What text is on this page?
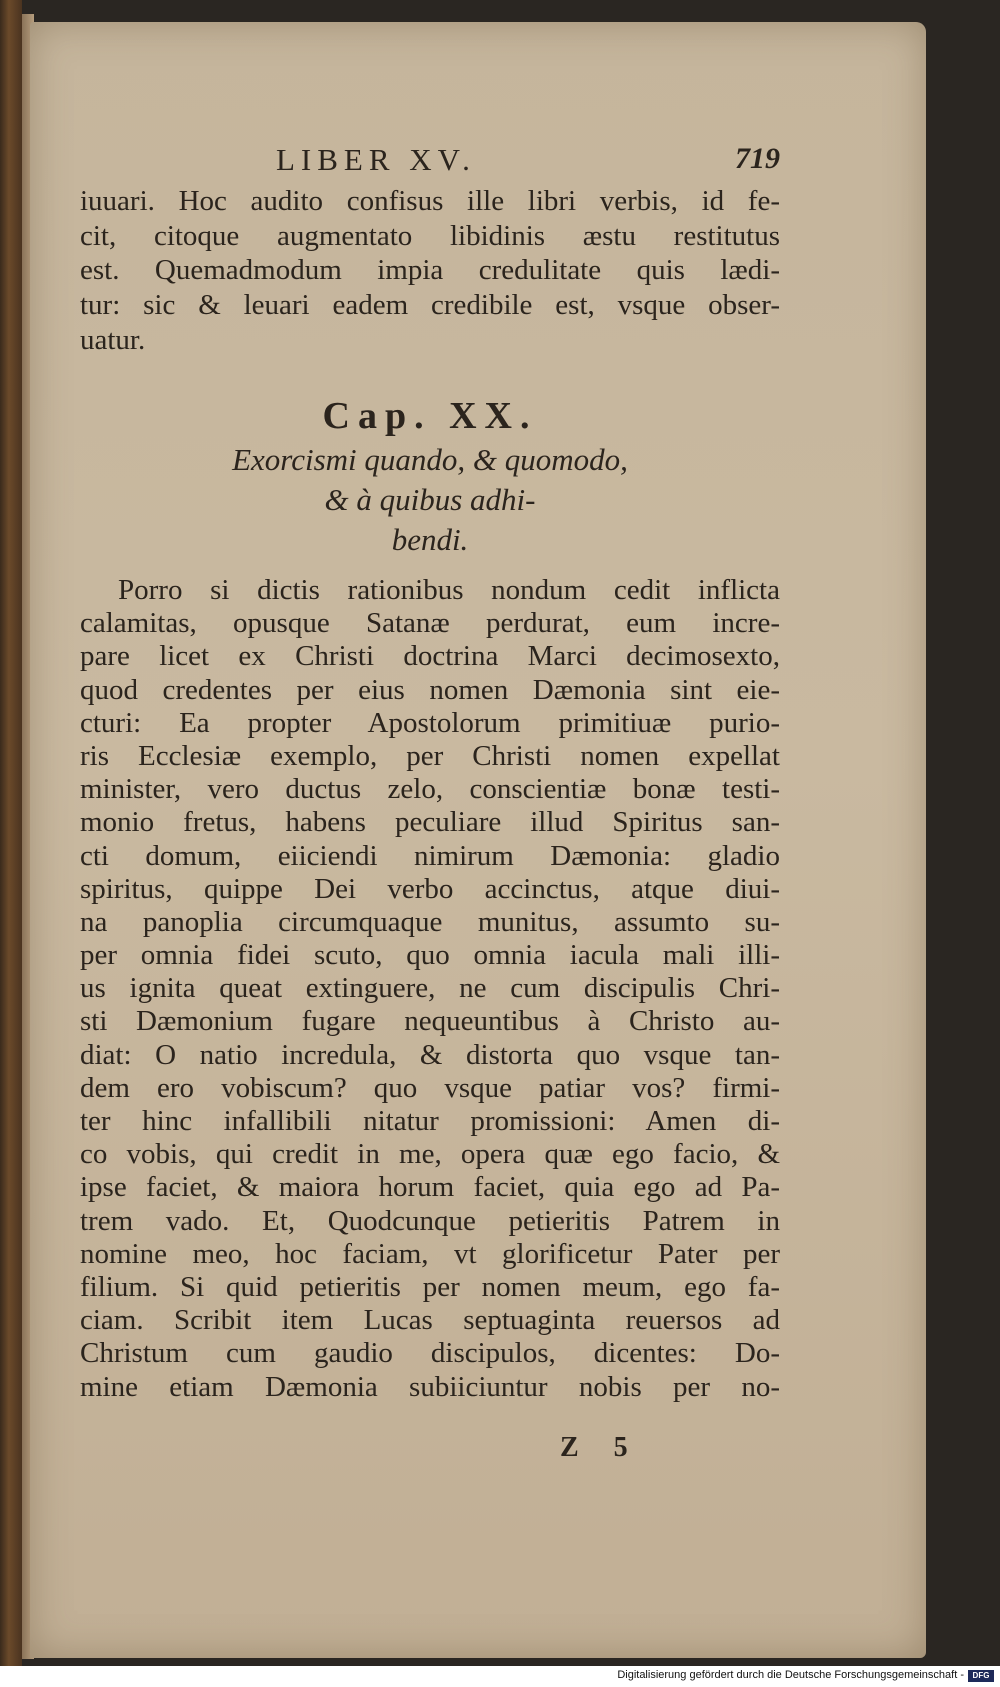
LIBER XV.	719
iuuari. Hoc audito confisus ille libri verbis, id fe-
cit, citoque augmentato libidinis æstu restitutus
est. Quemadmodum impia credulitate quis lædi-
tur: sic & leuari eadem credibile est, vsque obser-
uatur.
Cap. XX.
Exorcismi quando, & quomodo,
& à quibus adhi-
bendi.
Porro si dictis rationibus nondum cedit inflicta
calamitas, opusque Satanæ perdurat, eum incre-
pare licet ex Christi doctrina Marci decimosexto,
quod credentes per eius nomen Dæmonia sint eie-
cturi: Ea propter Apostolorum primitiuæ purio-
ris Ecclesiæ exemplo, per Christi nomen expellat
minister, vero ductus zelo, conscientiæ bonæ testi-
monio fretus, habens peculiare illud Spiritus san-
cti domum, eiiciendi nimirum Dæmonia: gladio
spiritus, quippe Dei verbo accinctus, atque diui-
na panoplia circumquaque munitus, assumto su-
per omnia fidei scuto, quo omnia iacula mali illi-
us ignita queat extinguere, ne cum discipulis Chri-
sti Dæmonium fugare nequeuntibus à Christo au-
diat: O natio incredula, & distorta quo vsque tan-
dem ero vobiscum? quo vsque patiar vos? firmi-
ter hinc infallibili nitatur promissioni: Amen di-
co vobis, qui credit in me, opera quæ ego facio, &
ipse faciet, & maiora horum faciet, quia ego ad Pa-
trem vado. Et, Quodcunque petieritis Patrem in
nomine meo, hoc faciam, vt glorificetur Pater per
filium. Si quid petieritis per nomen meum, ego fa-
ciam. Scribit item Lucas septuaginta reuersos ad
Christum cum gaudio discipulos, dicentes: Do-
mine etiam Dæmonia subiiciuntur nobis per no-
Z 5
Digitalisierung gefördert durch die Deutsche Forschungsgemeinschaft -	DFG
